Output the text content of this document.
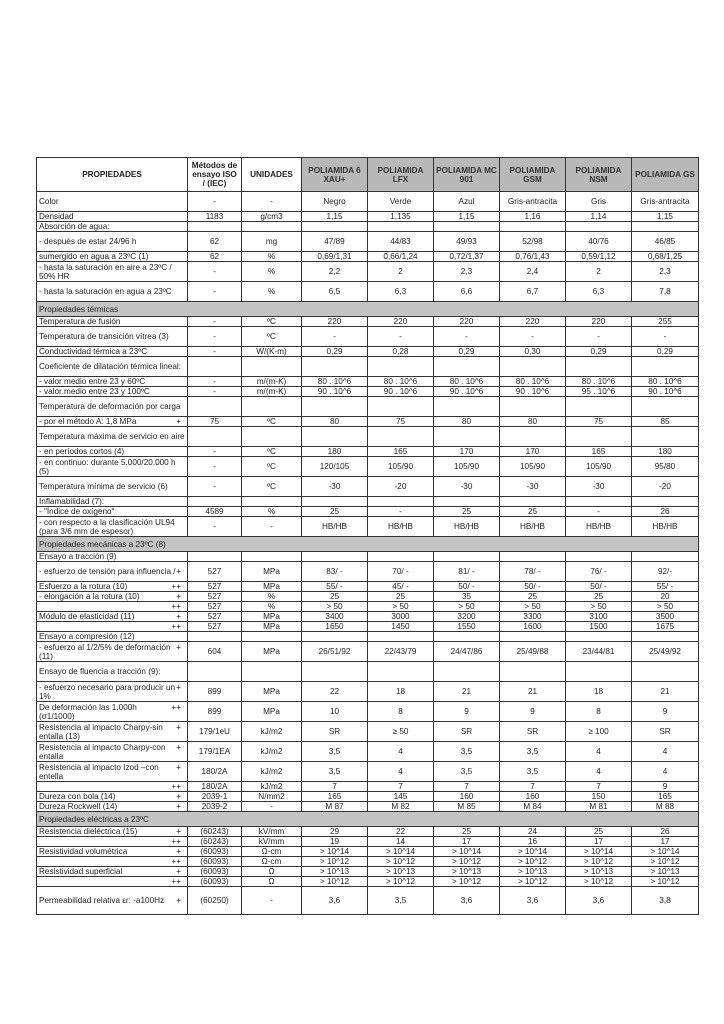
PROPIEDADES	Métodos de ensayo ISO / (IEC)	UNIDADES	POLIAMIDA 6 XAU+	POLIAMIDA LFX	POLIAMIDA MC 901	POLIAMIDA GSM	POLIAMIDA NSM	POLIAMIDA GS
Color	-	-	Negro	Verde	Azul	Gris-antracita	Gris	Gris-antracita
Densidad	1183	g/cm3	1,15	1,135	1,15	1,16	1,14	1,15
Absorción de agua:								
- después de estar 24/96 h	62	mg	47/89	44/83	49/93	52/98	40/76	46/85
sumergido en agua a 23ºC (1)	62	%	0,69/1,31	0,66/1,24	0,72/1,37	0,76/1,43	0,59/1,12	0,68/1,25
- hasta la saturación en aire a 23ºC / 50% HR	-	%	2,2	2	2,3	2,4	2	2,3
- hasta la saturación en agua a 23ºC	-	%	6,5	6,3	6,6	6,7	6,3	7,8
Propiedades térmicas								
Temperatura de fusión	-	ºC	220	220	220	220	220	255
Temperatura de transición vítrea (3)	-	ºC	-	-	-	-	-	-
Conductividad térmica a 23ºC	-	W/(K-m)	0,29	0,28	0,29	0,30	0,29	0,29
Coeficiente de dilatación térmica lineal:								
- valor medio entre 23 y 60ºC	-	m/(m-K)	80 . 10^6	80 . 10^6	80 . 10^6	80 . 10^6	80 . 10^6	80 . 10^6
- valor medio entre 23 y 100ºC	-	m/(m-K)	90 . 10^6	90 . 10^6	90 . 10^6	90 . 10^6	95 . 10^6	90 . 10^6
Temperatura de deformación por carga								

+
- por el método A: 1,8 MPa	75	ºC	80	75	80	80	75	85
Temperatura máxima de servicio en aire								
- en períodos cortos (4)	-	ºC	180	165	170	170	165	180
- en continuo: durante 5.000/20.000 h (5)	-	ºC	120/105	105/90	105/90	105/90	105/90	95/80
Temperatura mínima de servicio (6)	-	ºC	-30	-20	-30	-30	-30	-20
Inflamabilidad (7):								
- "Índice de oxígeno"	4589	%	25	-	25	25	-	26
- con respecto a la clasificación UL94 (para 3/6 mm de espesor)	-	-	HB/HB	HB/HB	HB/HB	HB/HB	HB/HB	HB/HB
Propiedades mecánicas a 23ºC (8)								
Ensayo a tracción (9)								

+
- esfuerzo de tensión para influencia /	527	MPa	83/ -	70/ -	81/ -	78/ -	76/ -	92/-

++
Esfuerzo a la rotura (10)	527	MPa	55/ -	45/ -	50/ -	50/ -	50/ -	55/ -

+
- elongación a la rotura (10)	527	%	25	25	35	25	25	20

++	527	%	> 50	> 50	> 50	> 50	> 50	> 50

+
Módulo de elasticidad (11)	527	MPa	3400	3000	3200	3300	3100	3500

++	527	MPa	1650	1450	1550	1600	1500	1675
Ensayo a compresión (12)								

+
- esfuerzo al 1/2/5% de deformación (11)	604	MPa	26/51/92	22/43/79	24/47/86	25/49/88	23/44/81	25/49/92
Ensayo de fluencia a tracción (9):								

+
- esfuerzo necesario para producir un 1%	899	MPa	22	18	21	21	18	21

++
De deformación las 1.000h (σ1/1000)	899	MPa	10	8	9	9	8	9

+
Resistencia al impacto Charpy-sin entalla (13)	179/1eU	kJ/m2	SR	≥ 50	SR	SR	≥ 100	SR

+
Resistencia al impacto Charpy-con entalla	179/1EA	kJ/m2	3,5	4	3,5	3,5	4	4

+
Resistencia al impacto Izod –con entella	180/2A	kJ/m2	3,5	4	3,5	3,5	4	4

++	180/2A	kJ/m2	7	7	7	7	7	9

+
Dureza con bola (14)	2039-1	N/mm2	165	145	160	160	150	165

+
Dureza Rockwell (14)	2039-2	-	M 87	M 82	M 85	M 84	M 81	M 88
Propiedades eléctricas a 23ºC								

+
Resistencia dieléctrica (15)	(60243)	kV/mm	29	22	25	24	25	26

++	(60243)	kV/mm	19	14	17	16	17	17

+
Resistividad volumétrica	(60093)	Ω-cm	> 10^14	> 10^14	> 10^14	> 10^14	> 10^14	> 10^14

++	(60093)	Ω-cm	> 10^12	> 10^12	> 10^12	> 10^12	> 10^12	> 10^12

+
Resistividad superficial	(60093)	Ω	> 10^13	> 10^13	> 10^13	> 10^13	> 10^13	> 10^13

++	(60093)	Ω	> 10^12	> 10^12	> 10^12	> 10^12	> 10^12	> 10^12

+
Permeabilidad relativa εr: -a100Hz	(60250)	-	3,6	3,5	3,6	3,6	3,6	3,8
